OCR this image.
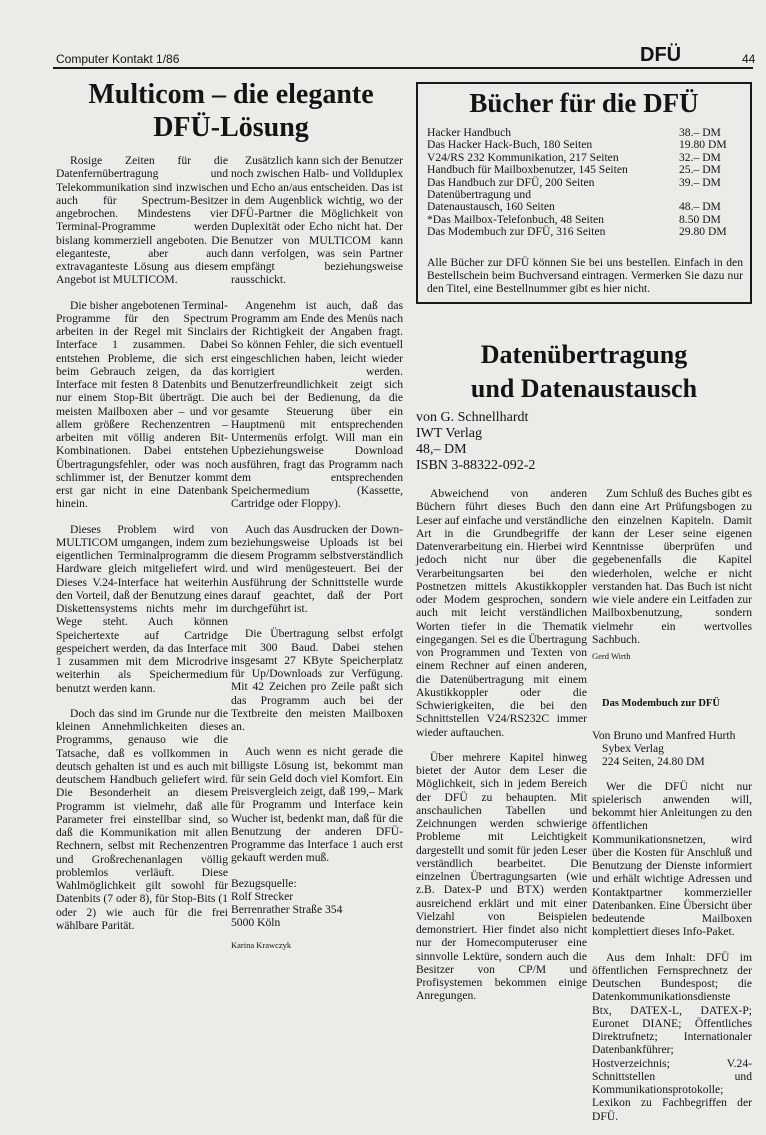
Computer Kontakt 1/86	DFÜ	44
Multicom – die elegante
DFÜ-Lösung

Rosige Zeiten für die Datenfernübertragung und Telekommunikation sind inzwischen auch für Spectrum-Besitzer angebrochen. Mindestens vier Terminal-Programme werden bislang kommerziell angeboten. Die eleganteste, aber auch extravaganteste Lösung aus diesem Angebot ist MULTICOM.

Die bisher angebotenen Terminal-Programme für den Spectrum arbeiten in der Regel mit Sinclairs Interface 1 zusammen. Dabei entstehen Probleme, die sich erst beim Gebrauch zeigen, da das Interface mit festen 8 Datenbits und nur einem Stop-Bit überträgt. Die meisten Mailboxen aber – und vor allem größere Rechenzentren – arbeiten mit völlig anderen Bit-Kombinationen. Dabei entstehen Übertragungsfehler, oder was noch schlimmer ist, der Benutzer kommt erst gar nicht in eine Datenbank hinein.

Dieses Problem wird von MULTICOM umgangen, indem zum eigentlichen Terminalprogramm die Hardware gleich mitgeliefert wird. Dieses V.24-Interface hat weiterhin den Vorteil, daß der Benutzung eines Diskettensystems nichts mehr im Wege steht. Auch können Speichertexte auf Cartridge gespeichert werden, da das Interface 1 zusammen mit dem Microdrive weiterhin als Speichermedium benutzt werden kann.

Doch das sind im Grunde nur die kleinen Annehmlichkeiten dieses Programms, genauso wie die Tatsache, daß es vollkommen in deutsch gehalten ist und es auch mit deutschem Handbuch geliefert wird. Die Besonderheit an diesem Programm ist vielmehr, daß alle Parameter frei einstellbar sind, so daß die Kommunikation mit allen Rechnern, selbst mit Rechenzentren und Großrechenanlagen völlig problemlos verläuft. Diese Wahlmöglichkeit gilt sowohl für Datenbits (7 oder 8), für Stop-Bits (1 oder 2) wie auch für die frei wählbare Parität.

Zusätzlich kann sich der Benutzer noch zwischen Halb- und Vollduplex und Echo an/aus entscheiden. Das ist in dem Augenblick wichtig, wo der DFÜ-Partner die Möglichkeit von Duplexität oder Echo nicht hat. Der Benutzer von MULTICOM kann dann verfolgen, was sein Partner empfängt beziehungsweise rausschickt.

Angenehm ist auch, daß das Programm am Ende des Menüs nach der Richtigkeit der Angaben fragt. So können Fehler, die sich eventuell eingeschlichen haben, leicht wieder korrigiert werden. Benutzerfreundlichkeit zeigt sich auch bei der Bedienung, da die gesamte Steuerung über ein Hauptmenü mit entsprechenden Untermenüs erfolgt. Will man ein Upbeziehungsweise Download ausführen, fragt das Programm nach dem entsprechenden Speichermedium (Kassette, Cartridge oder Floppy).

Auch das Ausdrucken der Down- beziehungsweise Uploads ist bei diesem Programm selbstverständlich und wird menügesteuert. Bei der Ausführung der Schnittstelle wurde darauf geachtet, daß der Port durchgeführt ist.

Die Übertragung selbst erfolgt mit 300 Baud. Dabei stehen insgesamt 27 KByte Speicherplatz für Up/Downloads zur Verfügung. Mit 42 Zeichen pro Zeile paßt sich das Programm auch bei der Textbreite den meisten Mailboxen an.

Auch wenn es nicht gerade die billigste Lösung ist, bekommt man für sein Geld doch viel Komfort. Ein Preisvergleich zeigt, daß 199,– Mark für Programm und Interface kein Wucher ist, bedenkt man, daß für die Benutzung der anderen DFÜ-Programme das Interface 1 auch erst gekauft werden muß.

Bezugsquelle:
Rolf Strecker
Berrenrather Straße 354
5000 Köln
Karina Krawczyk
Bücher für die DFÜ
Hacker Handbuch	38.– DM
Das Hacker Hack-Buch, 180 Seiten	19.80 DM
V24/RS 232 Kommunikation, 217 Seiten	32.– DM
Handbuch für Mailboxbenutzer, 145 Seiten	25.– DM
Das Handbuch zur DFÜ, 200 Seiten	39.– DM
Datenübertragung und
Datenaustausch, 160 Seiten	48.– DM
*Das Mailbox-Telefonbuch, 48 Seiten	8.50 DM
Das Modembuch zur DFÜ, 316 Seiten	29.80 DM
Alle Bücher zur DFÜ können Sie bei uns bestellen. Einfach in den Bestellschein beim Buchversand eintragen. Vermerken Sie dazu nur den Titel, eine Bestellnummer gibt es hier nicht.
Datenübertragung
und Datenaustausch
von G. Schnellhardt
IWT Verlag
48,– DM
ISBN 3-88322-092-2

Abweichend von anderen Büchern führt dieses Buch den Leser auf einfache und verständliche Art in die Grundbegriffe der Datenverarbeitung ein. Hierbei wird jedoch nicht nur über die Verarbeitungsarten bei den Postnetzen mittels Akustikkoppler oder Modem gesprochen, sondern auch mit leicht verständlichen Worten tiefer in die Thematik eingegangen. Sei es die Übertragung von Programmen und Texten von einem Rechner auf einen anderen, die Datenübertragung mit einem Akustikkoppler oder die Schwierigkeiten, die bei den Schnittstellen V24/RS232C immer wieder auftauchen.

Über mehrere Kapitel hinweg bietet der Autor dem Leser die Möglichkeit, sich in jedem Bereich der DFÜ zu behaupten. Mit anschaulichen Tabellen und Zeichnungen werden schwierige Probleme mit Leichtigkeit dargestellt und somit für jeden Leser verständlich bearbeitet. Die einzelnen Übertragungsarten (wie z.B. Datex-P und BTX) werden ausreichend erklärt und mit einer Vielzahl von Beispielen demonstriert. Hier findet also nicht nur der Homecomputeruser eine sinnvolle Lektüre, sondern auch die Besitzer von CP/M und Profisystemen bekommen einige Anregungen.

Zum Schluß des Buches gibt es dann eine Art Prüfungsbogen zu den einzelnen Kapiteln. Damit kann der Leser seine eigenen Kenntnisse überprüfen und gegebenenfalls die Kapitel wiederholen, welche er nicht verstanden hat. Das Buch ist nicht wie viele andere ein Leitfaden zur Mailboxbenutzung, sondern vielmehr ein wertvolles Sachbuch.

Gerd Wirth
Das Modembuch zur DFÜ
Von Bruno und Manfred Hurth
Sybex Verlag
224 Seiten, 24.80 DM

Wer die DFÜ nicht nur spielerisch anwenden will, bekommt hier Anleitungen zu den öffentlichen Kommunikationsnetzen, wird über die Kosten für Anschluß und Benutzung der Dienste informiert und erhält wichtige Adressen und Kontaktpartner kommerzieller Datenbanken. Eine Übersicht über bedeutende Mailboxen komplettiert dieses Info-Paket.

Aus dem Inhalt: DFÜ im öffentlichen Fernsprechnetz der Deutschen Bundespost; die Datenkommunikationsdienste Btx, DATEX-L, DATEX-P; Euronet DIANE; Öffentliches Direktrufnetz; Internationaler Datenbankführer; Hostverzeichnis; V.24-Schnittstellen und Kommunikationsprotokolle; Lexikon zu Fachbegriffen der DFÜ.
